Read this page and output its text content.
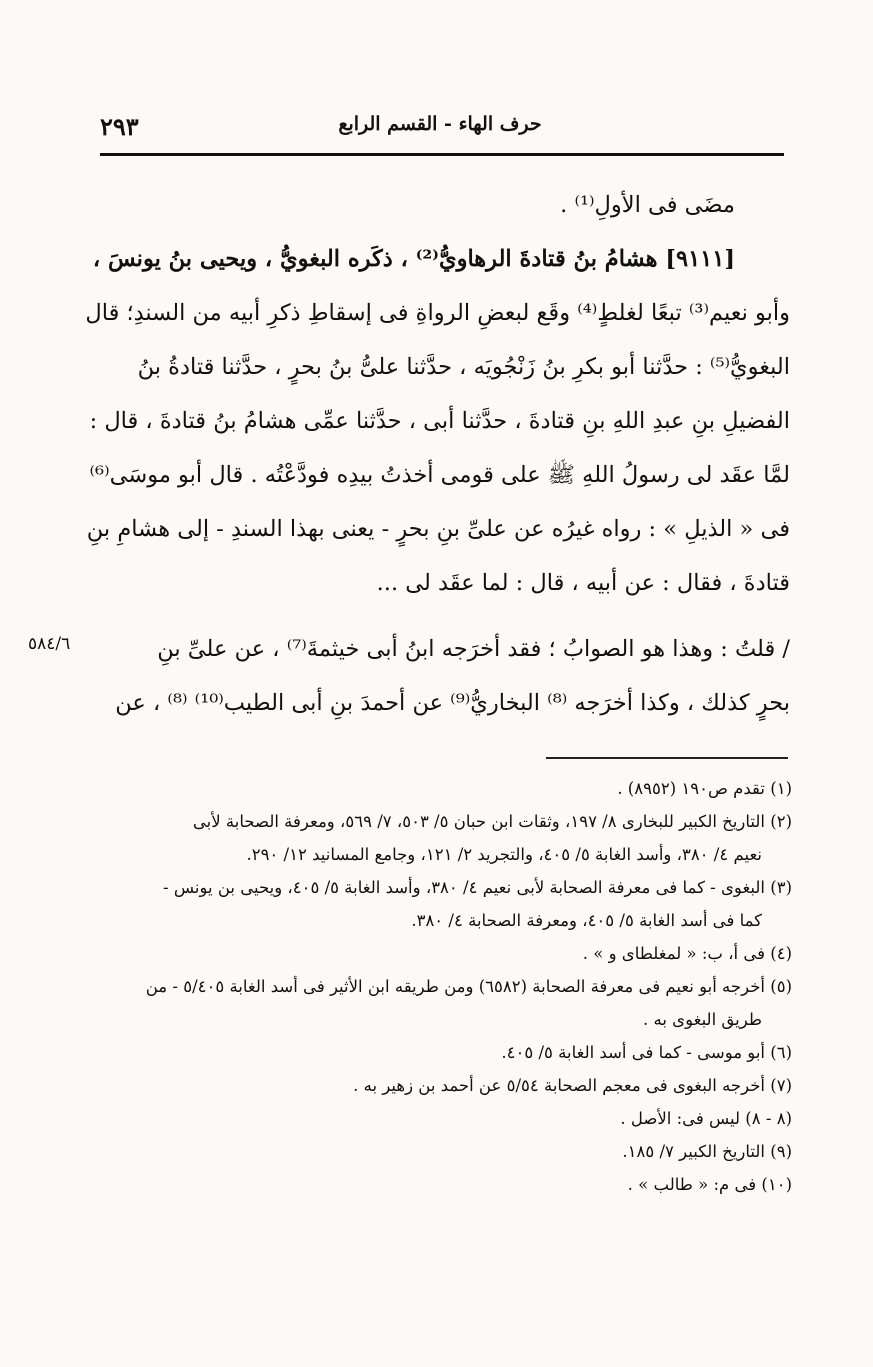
٢٩٣	حرف الهاء - القسم الرابع
مضَى فى الأولِ⁽¹⁾ .
[٩١١١] هشامُ بنُ قتادةَ الرهاويُّ⁽²⁾ ، ذكَره البغويُّ ، ويحيى بنُ يونسَ ،
وأبو نعيم⁽³⁾ تبعًا لغلطٍ⁽⁴⁾ وقَع لبعضِ الرواةِ فى إسقاطِ ذكرِ أبيه من السندِ؛ قال
البغويُّ⁽⁵⁾ : حدَّثنا أبو بكرِ بنُ زَنْجُويَه ، حدَّثنا علىُّ بنُ بحرٍ ، حدَّثنا قتادةُ بنُ
الفضيلِ بنِ عبدِ اللهِ بنِ قتادةَ ، حدَّثنا أبى ، حدَّثنا عمِّى هشامُ بنُ قتادةَ ، قال :
لمَّا عقَد لى رسولُ اللهِ ﷺ على قومى أخذتُ بيدِه فودَّعْتُه . قال أبو موسَى⁽⁶⁾
فى « الذيلِ » : رواه غيرُه عن علىِّ بنِ بحرٍ - يعنى بهذا السندِ - إلى هشامِ بنِ
قتادةَ ، فقال : عن أبيه ، قال : لما عقَد لى ...
/ قلتُ : وهذا هو الصوابُ ؛ فقد أخرَجه ابنُ أبى خيثمةَ⁽⁷⁾ ، عن علىِّ بنِ
بحرٍ كذلك ، وكذا أخرَجه ⁽⁸⁾ البخاريُّ⁽⁹⁾ عن أحمدَ بنِ أبى الطيب⁽¹⁰⁾ ⁽⁸⁾ ، عن
٥٨٤/٦
(١) تقدم ص١٩٠ (٨٩٥٢) .
(٢) التاريخ الكبير للبخارى ٨/ ١٩٧، وثقات ابن حبان ٥/ ٥٠٣، ٧/ ٥٦٩، ومعرفة الصحابة لأبى
نعيم ٤/ ٣٨٠، وأسد الغابة ٥/ ٤٠٥، والتجريد ٢/ ١٢١، وجامع المسانيد ١٢/ ٢٩٠.
(٣) البغوى - كما فى معرفة الصحابة لأبى نعيم ٤/ ٣٨٠، وأسد الغابة ٥/ ٤٠٥، ويحيى بن يونس -
كما فى أسد الغابة ٥/ ٤٠٥، ومعرفة الصحابة ٤/ ٣٨٠.
(٤) فى أ، ب: « لمغلطاى و » .
(٥) أخرجه أبو نعيم فى معرفة الصحابة (٦٥٨٢) ومن طريقه ابن الأثير فى أسد الغابة ٥/٤٠٥ - من
طريق البغوى به .
(٦) أبو موسى - كما فى أسد الغابة ٥/ ٤٠٥.
(٧) أخرجه البغوى فى معجم الصحابة ٥/٥٤ عن أحمد بن زهير به .
(٨ - ٨) ليس فى: الأصل .
(٩) التاريخ الكبير ٧/ ١٨٥.
(١٠) فى م: « طالب » .
